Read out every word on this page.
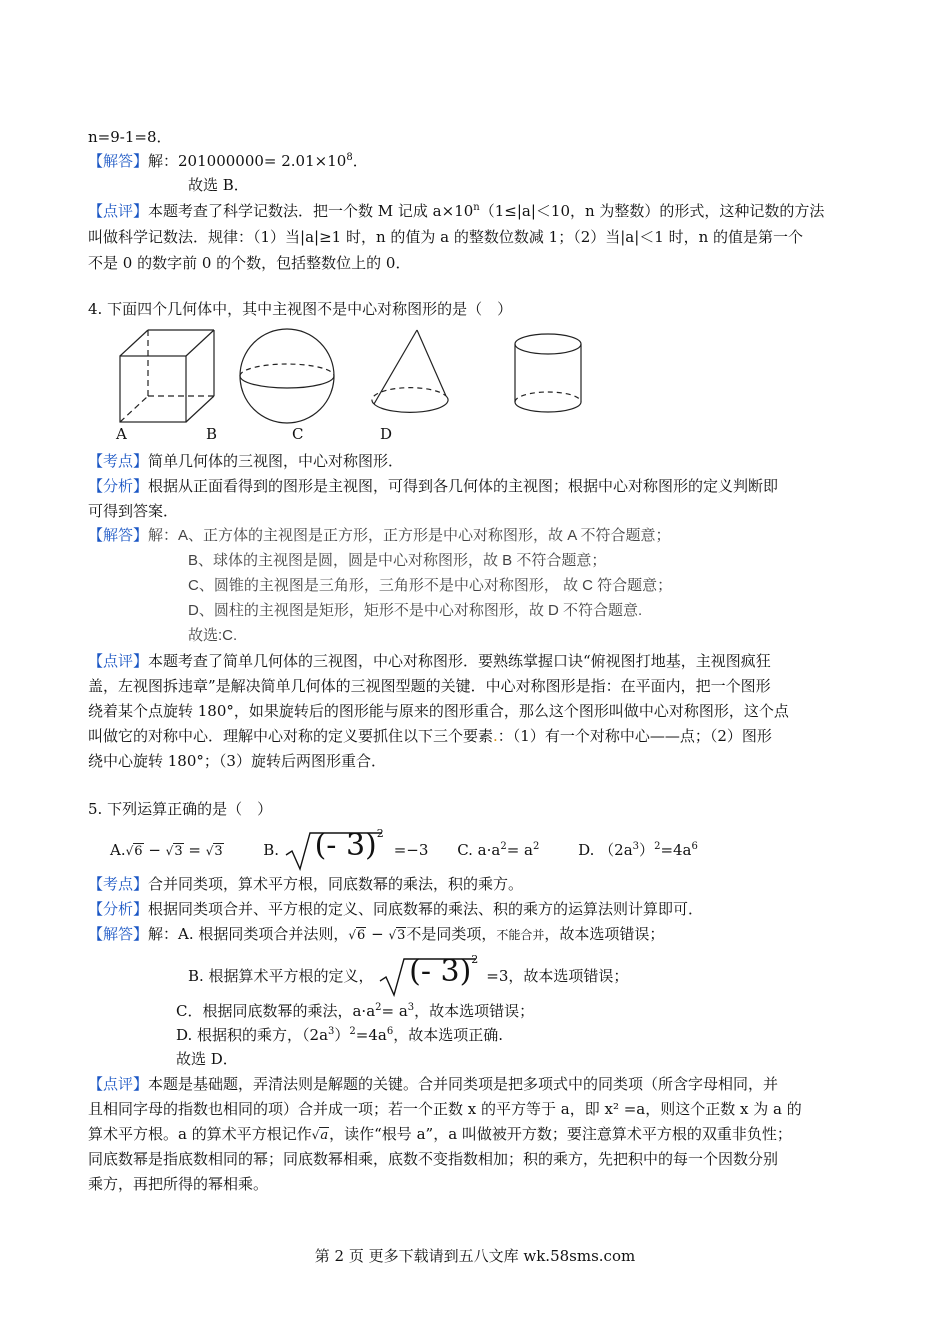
n=9-1=8．
【解答】解：$201000000= 2.01\times 10^8$．
故选 B．
【点评】本题考查了科学记数法．把一个数 M 记成 $a\times 10^n(1\le|a|<10$，n 为整数）的形式，这种记数的方法
叫做科学记数法．规律：（1）当|a|≥1 时，n 的值为 a 的整数位数减 1；（2）当|a|＜1 时，n 的值是第一个
不是 0 的数字前 0 的个数，包括整数位上的 0．
4. 下面四个几何体中，其中主视图不是中心对称图形的是（　）
A	B	C	D
【考点】简单几何体的三视图，中心对称图形．
【分析】根据从正面看得到的图形是主视图，可得到各几何体的主视图；根据中心对称图形的定义判断即
可得到答案．
【解答】解：A、正方体的主视图是正方形，正方形是中心对称图形，故 A 不符合题意；
B、球体的主视图是圆，圆是中心对称图形，故 B 不符合题意；
C、圆锥的主视图是三角形，三角形不是中心对称图形， 故 C 符合题意；
D、圆柱的主视图是矩形，矩形不是中心对称图形，故 D 不符合题意.
故选:C.
【点评】本题考查了简单几何体的三视图，中心对称图形．要熟练掌握口诀“俯视图打地基，主视图疯狂
盖，左视图拆违章”是解决简单几何体的三视图型题的关键．中心对称图形是指：在平面内，把一个图形
绕着某个点旋转 180°，如果旋转后的图形能与原来的图形重合，那么这个图形叫做中心对称图形，这个点
叫做它的对称中心．理解中心对称的定义要抓住以下三个要素.：（1）有一个对称中心——点；（2）图形
绕中心旋转 180°；（3）旋转后两图形重合．
5. 下列运算正确的是（　）
A.√6 − √3 = √3	B. (- 3)$^2$=−3 C. $a\cdot a^2= a^2$	D. $(2a^3)^2=4a^6$
【考点】合并同类项，算术平方根，同底数幂的乘法，积的乘方。
【分析】根据同类项合并、平方根的定义、同底数幂的乘法、积的乘方的运算法则计算即可．
【解答】解：A. 根据同类项合并法则，√6 − √3不是同类项，不能合并，故本选项错误；
B. 根据算术平方根的定义， (- 3)$^2$=3，故本选项错误；
C．根据同底数幂的乘法，$a\cdot a^2= a^3$，故本选项错误；
D. 根据积的乘方，$(2a^3)^2=4a^6$，故本选项正确.
故选 D．
【点评】本题是基础题，弄清法则是解题的关键。合并同类项是把多项式中的同类项（所含字母相同，并
且相同字母的指数也相同的项）合并成一项；若一个正数 x 的平方等于 a，即 x² =a，则这个正数 x 为 a 的
算术平方根。a 的算术平方根记作√a，读作“根号 a”，a 叫做被开方数；要注意算术平方根的双重非负性；
同底数幂是指底数相同的幂；同底数幂相乘，底数不变指数相加；积的乘方，先把积中的每一个因数分别
乘方，再把所得的幂相乘。
第 2 页 更多下载请到五八文库 wk.58sms.com
